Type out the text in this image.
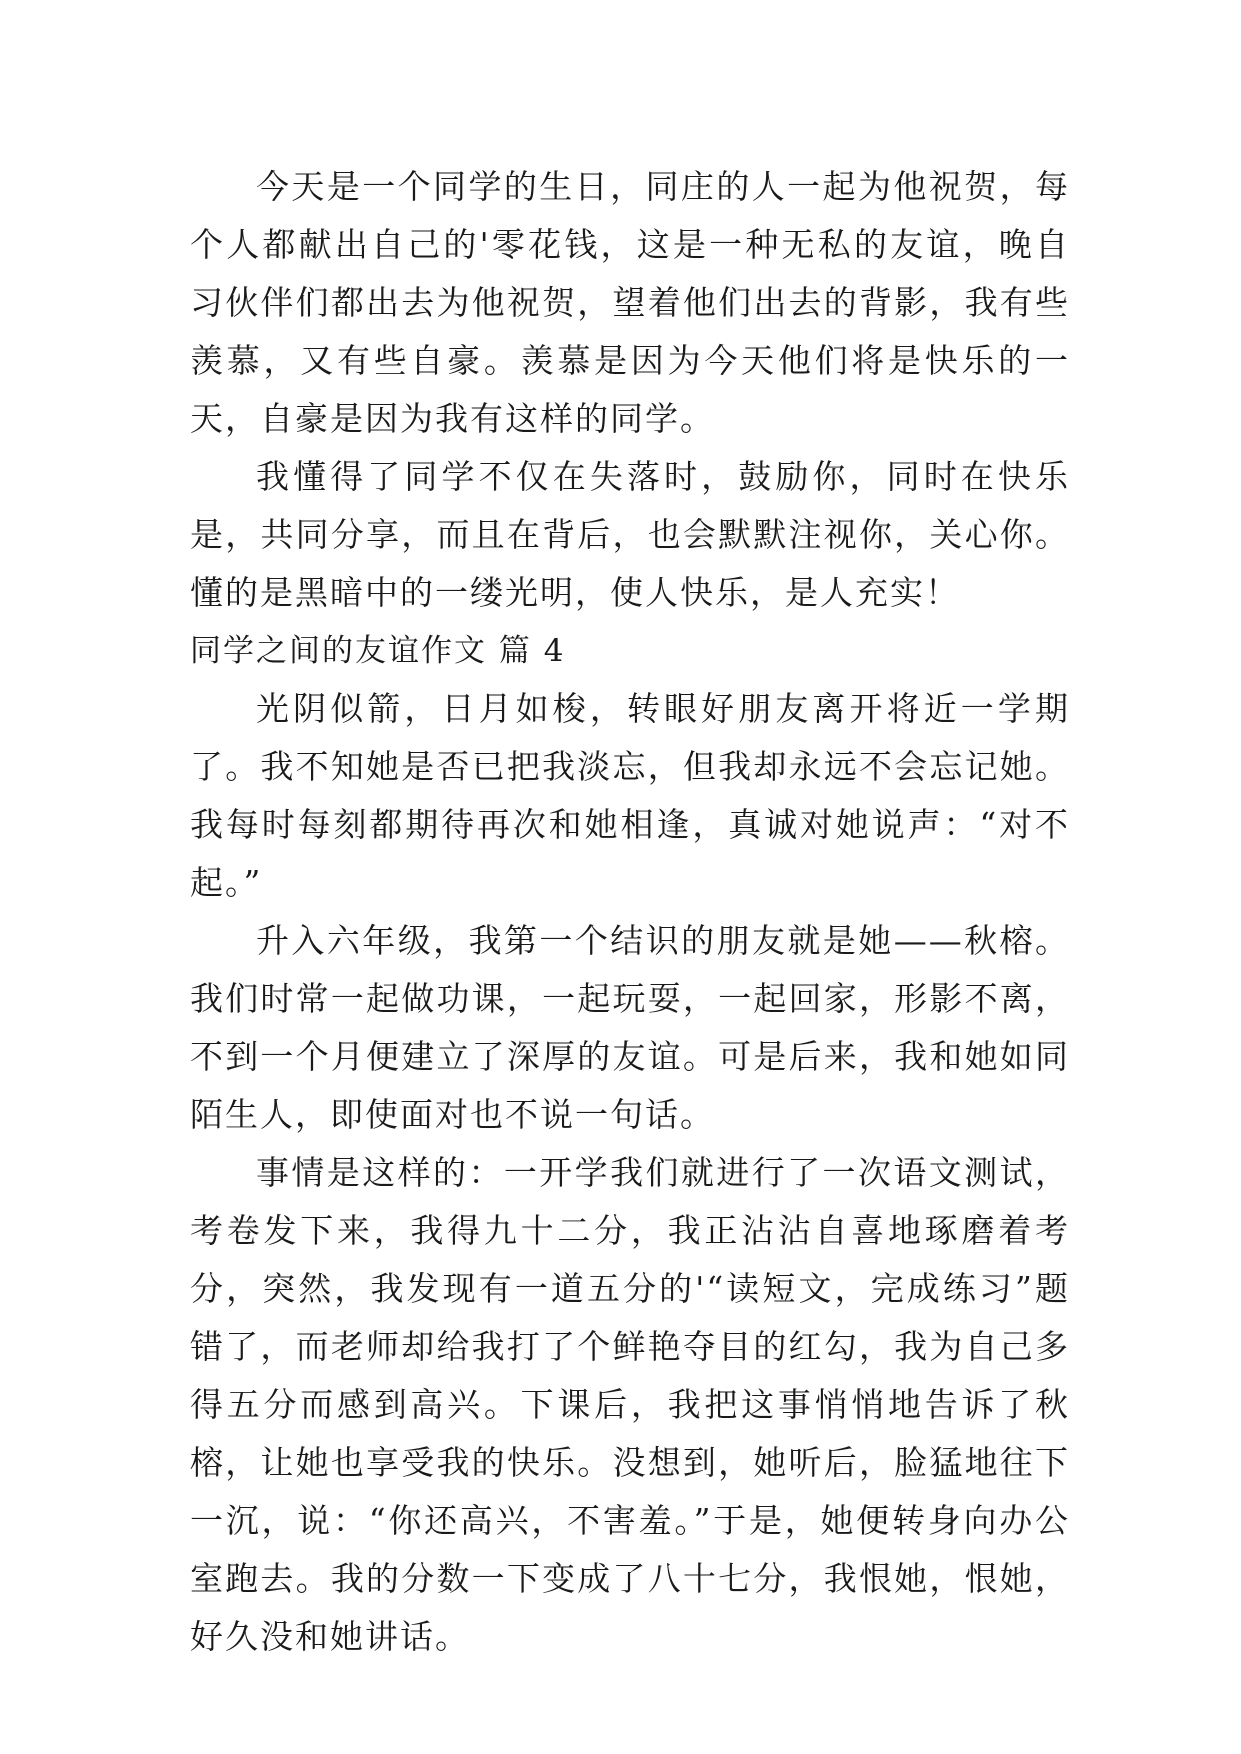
今天是一个同学的生日，同庄的人一起为他祝贺，每个人都献出自己的'零花钱，这是一种无私的友谊，晚自习伙伴们都出去为他祝贺，望着他们出去的背影，我有些羡慕，又有些自豪。羡慕是因为今天他们将是快乐的一天，自豪是因为我有这样的同学。

我懂得了同学不仅在失落时，鼓励你，同时在快乐是，共同分享，而且在背后，也会默默注视你，关心你。懂的是黑暗中的一缕光明，使人快乐，是人充实！

同学之间的友谊作文 篇 4

光阴似箭，日月如梭，转眼好朋友离开将近一学期了。我不知她是否已把我淡忘，但我却永远不会忘记她。我每时每刻都期待再次和她相逢，真诚对她说声：“对不起。”

升入六年级，我第一个结识的朋友就是她——秋榕。我们时常一起做功课，一起玩耍，一起回家，形影不离，不到一个月便建立了深厚的友谊。可是后来，我和她如同陌生人，即使面对也不说一句话。

事情是这样的：一开学我们就进行了一次语文测试，考卷发下来，我得九十二分，我正沾沾自喜地琢磨着考分，突然，我发现有一道五分的'“读短文，完成练习”题错了，而老师却给我打了个鲜艳夺目的红勾，我为自己多得五分而感到高兴。下课后，我把这事悄悄地告诉了秋榕，让她也享受我的快乐。没想到，她听后，脸猛地往下一沉，说：“你还高兴，不害羞。”于是，她便转身向办公室跑去。我的分数一下变成了八十七分，我恨她，恨她，好久没和她讲话。
